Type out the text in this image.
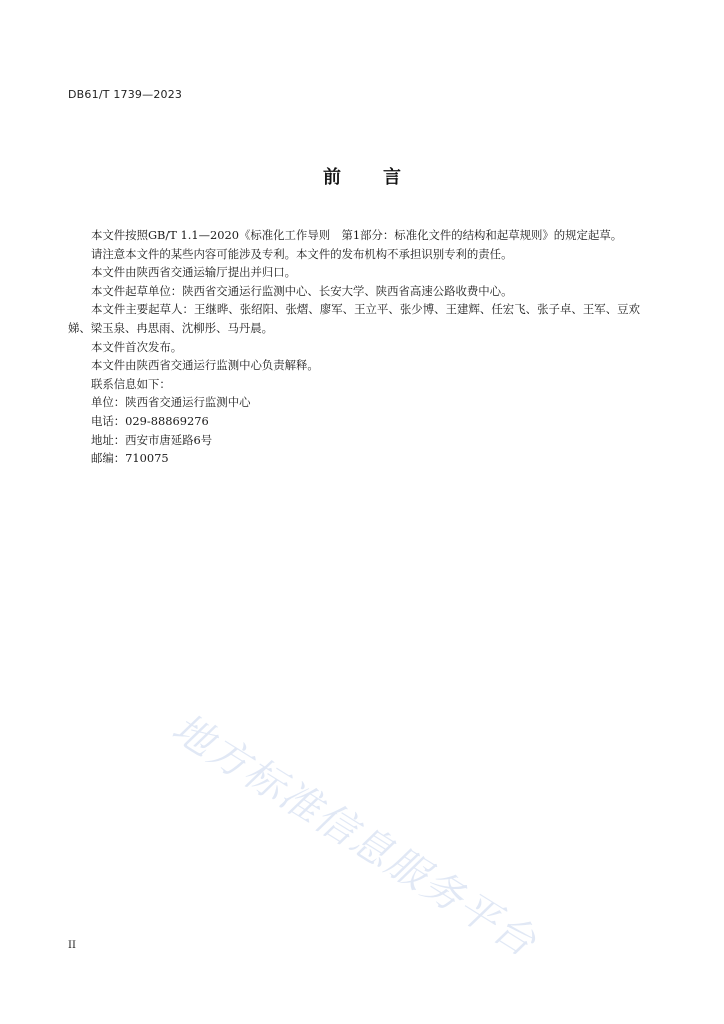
DB61/T 1739—2023
前 言

本文件按照GB/T 1.1—2020《标准化工作导则　第1部分：标准化文件的结构和起草规则》的规定起草。

请注意本文件的某些内容可能涉及专利。本文件的发布机构不承担识别专利的责任。

本文件由陕西省交通运输厅提出并归口。

本文件起草单位：陕西省交通运行监测中心、长安大学、陕西省高速公路收费中心。

本文件主要起草人：王继晔、张绍阳、张熠、廖军、王立平、张少博、王建辉、任宏飞、张子卓、王军、豆欢娣、梁玉泉、冉思雨、沈柳彤、马丹晨。

本文件首次发布。

本文件由陕西省交通运行监测中心负责解释。

联系信息如下：

单位：陕西省交通运行监测中心

电话：029-88869276

地址：西安市唐延路6号

邮编：710075

地方标准信息服务平台
II
